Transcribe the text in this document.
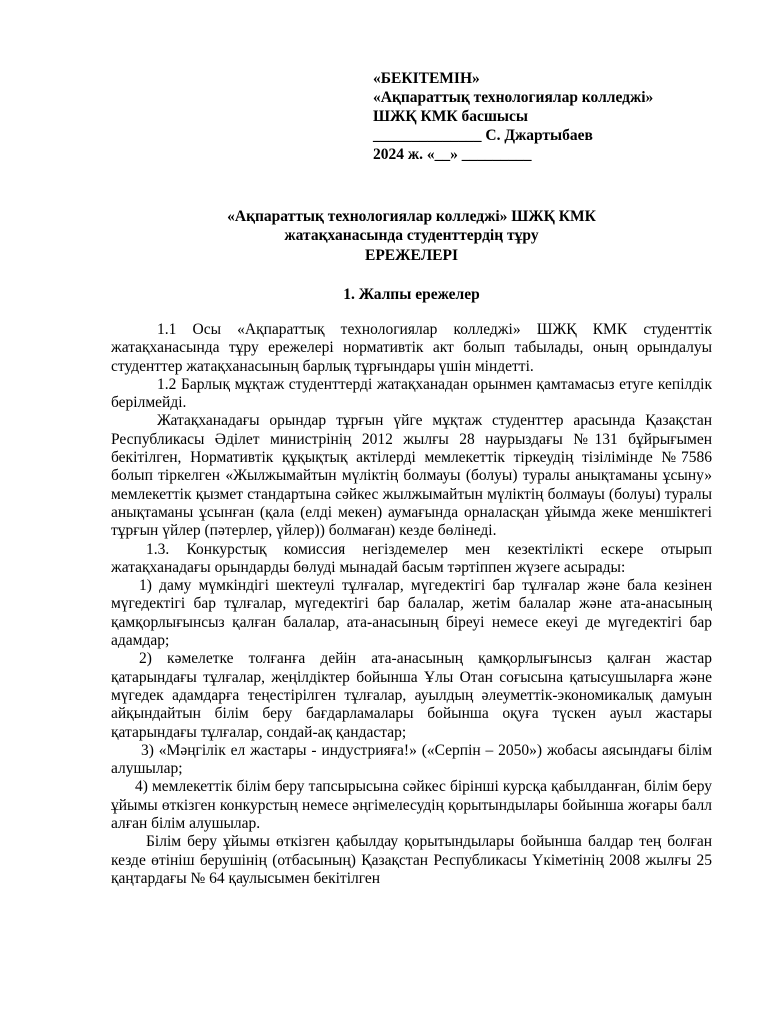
«БЕКІТЕМІН»
«Ақпараттық технологиялар колледжі»
ШЖҚ КМК басшысы
______________ С. Джартыбаев
2024 ж. «__» _________
«Ақпараттық технологиялар колледжі» ШЖҚ КМК
жатақханасында студенттердің тұру
ЕРЕЖЕЛЕРІ
1. Жалпы ережелер

1.1 Осы «Ақпараттық технологиялар колледжі» ШЖҚ КМК студенттік жатақханасында тұру ережелері нормативтік акт болып табылады, оның орындалуы студенттер жатақханасының барлық тұрғындары үшін міндетті.

1.2 Барлық мұқтаж студенттерді жатақханадан орынмен қамтамасыз етуге кепілдік берілмейді.

Жатақханадағы орындар тұрғын үйге мұқтаж студенттер арасында Қазақстан Республикасы Әділет министрінің 2012 жылғы 28 наурыздағы №131 бұйрығымен бекітілген, Нормативтік құқықтық актілерді мемлекеттік тіркеудің тізілімінде №7586 болып тіркелген «Жылжымайтын мүліктің болмауы (болуы) туралы анықтаманы ұсыну» мемлекеттік қызмет стандартына сәйкес жылжымайтын мүліктің болмауы (болуы) туралы анықтаманы ұсынған (қала (елді мекен) аумағында орналасқан ұйымда жеке меншіктегі тұрғын үйлер (пәтерлер, үйлер)) болмаған) кезде бөлінеді.

1.3. Конкурстық комиссия негіздемелер мен кезектілікті ескере отырып жатақханадағы орындарды бөлуді мынадай басым тәртіппен жүзеге асырады:

1) даму мүмкіндігі шектеулі тұлғалар, мүгедектігі бар тұлғалар және бала кезінен мүгедектігі бар тұлғалар, мүгедектігі бар балалар, жетім балалар және ата-анасының қамқорлығынсыз қалған балалар, ата-анасының біреуі немесе екеуі де мүгедектігі бар адамдар;

2) кәмелетке толғанға дейін ата-анасының қамқорлығынсыз қалған жастар қатарындағы тұлғалар, жеңілдіктер бойынша Ұлы Отан соғысына қатысушыларға және мүгедек адамдарға теңестірілген тұлғалар, ауылдың әлеуметтік-экономикалық дамуын айқындайтын білім беру бағдарламалары бойынша оқуға түскен ауыл жастары қатарындағы тұлғалар, сондай-ақ қандастар;

3) «Мәңгілік ел жастары - индустрияға!» («Серпін – 2050») жобасы аясындағы білім алушылар;

4) мемлекеттік білім беру тапсырысына сәйкес бірінші курсқа қабылданған, білім беру ұйымы өткізген конкурстың немесе әңгімелесудің қорытындылары бойынша жоғары балл алған білім алушылар.

Білім беру ұйымы өткізген қабылдау қорытындылары бойынша балдар тең болған кезде өтініш берушінің (отбасының) Қазақстан Республикасы Үкіметінің 2008 жылғы 25 қаңтардағы № 64 қаулысымен бекітілген
